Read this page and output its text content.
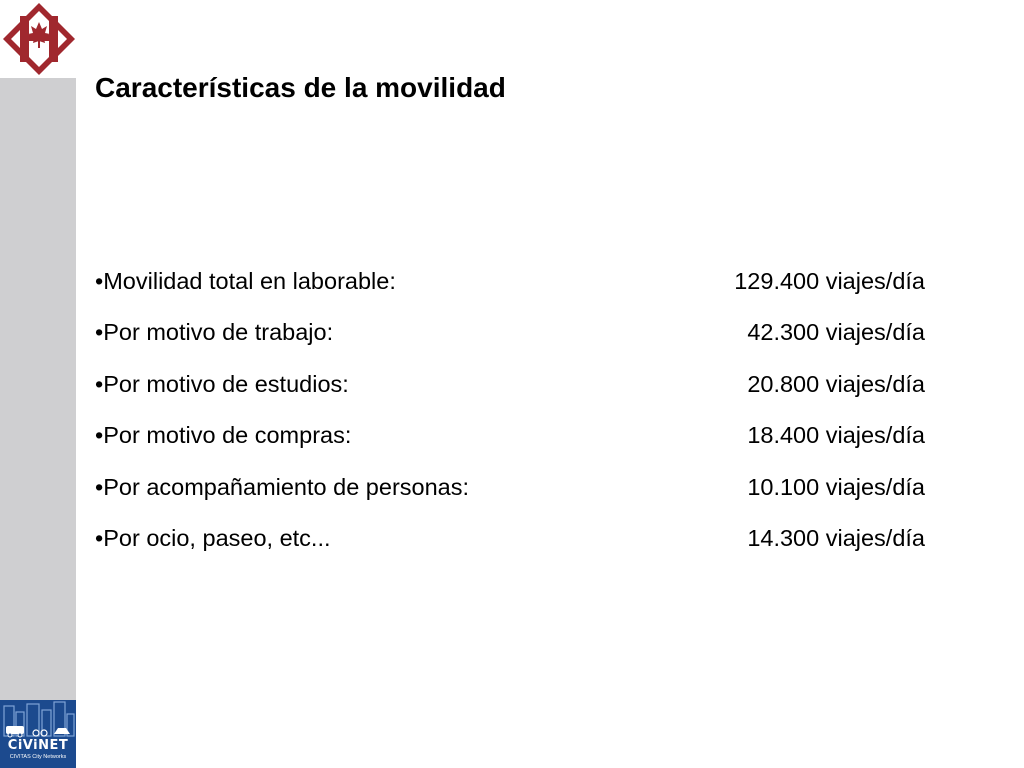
CiViNET
CIVITAS City Networks
Características de la movilidad
•Movilidad total en laborable:	129.400 viajes/día
•Por motivo de trabajo:	42.300 viajes/día
•Por motivo de estudios:	20.800 viajes/día
•Por motivo de compras:	18.400 viajes/día
•Por acompañamiento de personas:	10.100 viajes/día
•Por ocio, paseo, etc...	14.300 viajes/día
